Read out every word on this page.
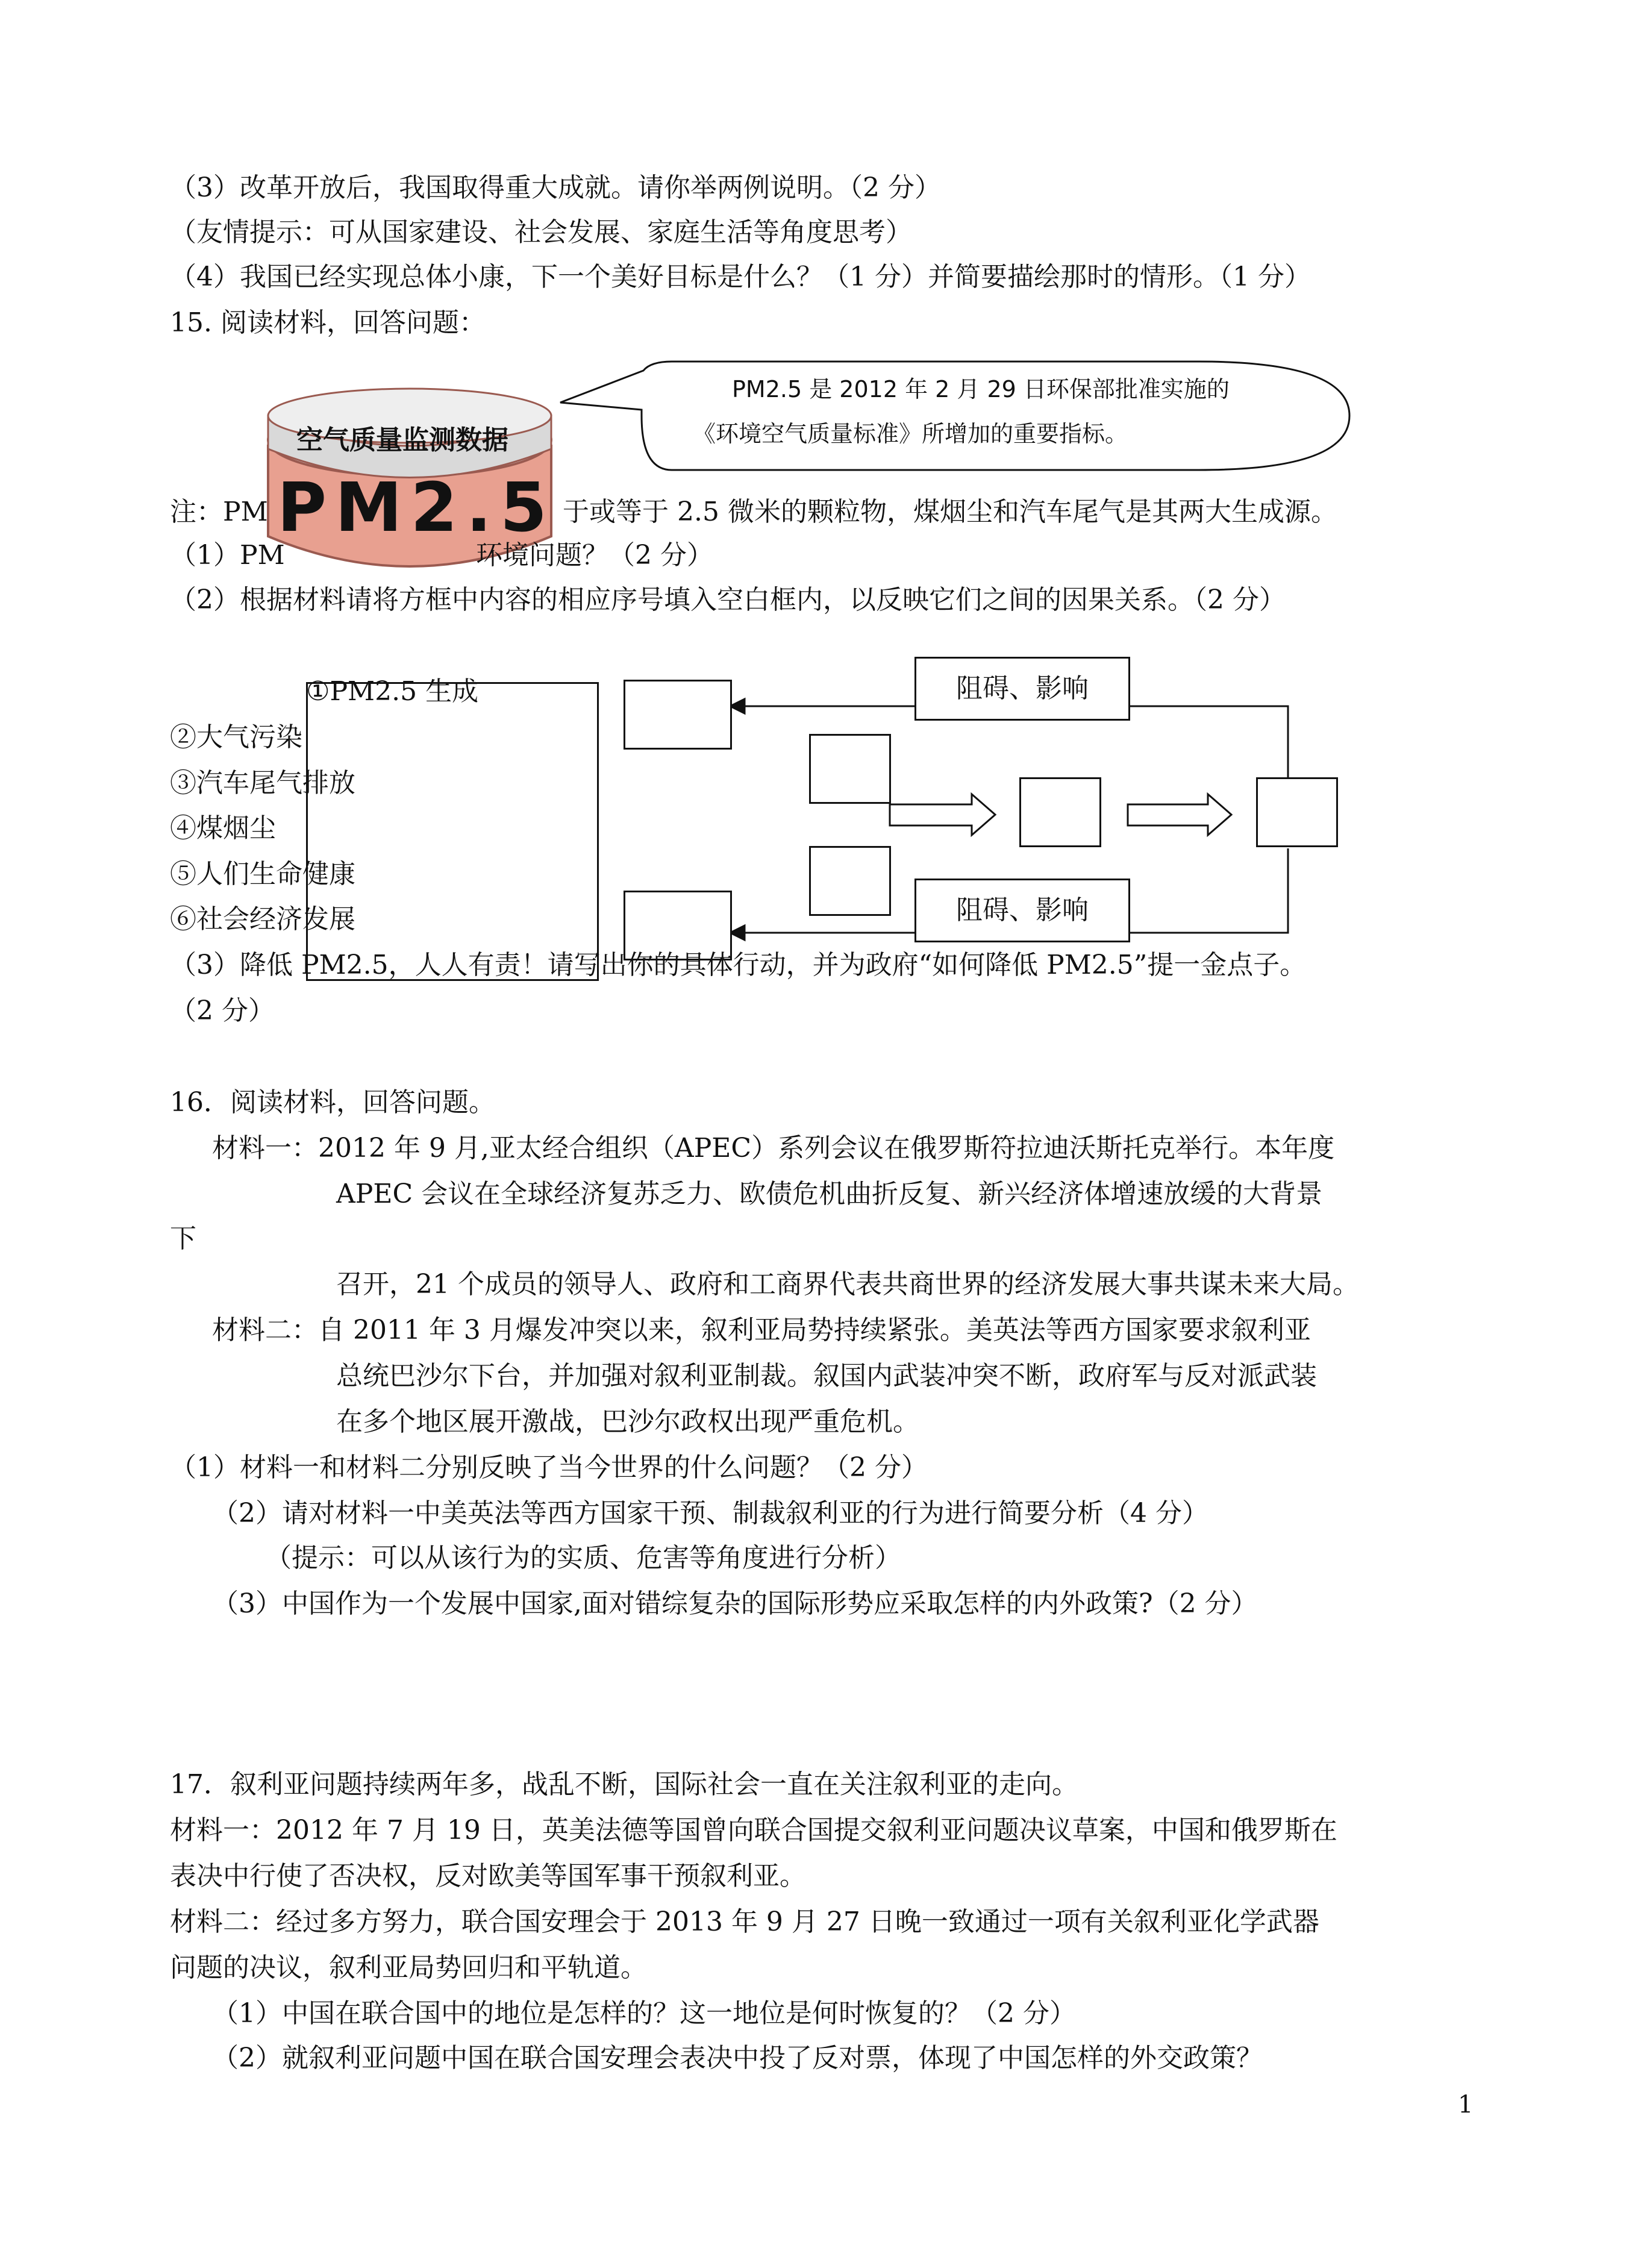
（3）改革开放后，我国取得重大成就。请你举两例说明。（2 分）
（友情提示：可从国家建设、社会发展、家庭生活等角度思考）
（4）我国已经实现总体小康，下一个美好目标是什么？（1 分）并简要描绘那时的情形。（1 分）
15. 阅读材料，回答问题：
空气质量监测数据
PM2.5
PM2.5 是 2012 年 2 月 29 日环保部批准实施的
《环境空气质量标准》所增加的重要指标。
注：PM	于或等于 2.5 微米的颗粒物，煤烟尘和汽车尾气是其两大生成源。
（1）PM	环境问题？（2 分）
（2）根据材料请将方框中内容的相应序号填入空白框内，以反映它们之间的因果关系。（2 分）
①PM2.5 生成
②大气污染
③汽车尾气排放
④煤烟尘
⑤人们生命健康
⑥社会经济发展
阻碍、影响
阻碍、影响
（3）降低 PM2.5，人人有责！请写出你的具体行动，并为政府“如何降低 PM2.5”提一金点子。
（2 分）
16．阅读材料，回答问题。
材料一：2012 年 9 月,亚太经合组织（APEC）系列会议在俄罗斯符拉迪沃斯托克举行。本年度
APEC 会议在全球经济复苏乏力、欧债危机曲折反复、新兴经济体增速放缓的大背景
下
召开，21 个成员的领导人、政府和工商界代表共商世界的经济发展大事共谋未来大局。
材料二：自 2011 年 3 月爆发冲突以来，叙利亚局势持续紧张。美英法等西方国家要求叙利亚
总统巴沙尔下台，并加强对叙利亚制裁。叙国内武装冲突不断，政府军与反对派武装
在多个地区展开激战，巴沙尔政权出现严重危机。
（1）材料一和材料二分别反映了当今世界的什么问题？（2 分）
（2）请对材料一中美英法等西方国家干预、制裁叙利亚的行为进行简要分析（4 分）
（提示：可以从该行为的实质、危害等角度进行分析）
（3）中国作为一个发展中国家,面对错综复杂的国际形势应采取怎样的内外政策?（2 分）
17．叙利亚问题持续两年多，战乱不断，国际社会一直在关注叙利亚的走向。
材料一：2012 年 7 月 19 日，英美法德等国曾向联合国提交叙利亚问题决议草案，中国和俄罗斯在
表决中行使了否决权，反对欧美等国军事干预叙利亚。
材料二：经过多方努力，联合国安理会于 2013 年 9 月 27 日晚一致通过一项有关叙利亚化学武器
问题的决议，叙利亚局势回归和平轨道。
（1）中国在联合国中的地位是怎样的？这一地位是何时恢复的？（2 分）
（2）就叙利亚问题中国在联合国安理会表决中投了反对票，体现了中国怎样的外交政策？
1
